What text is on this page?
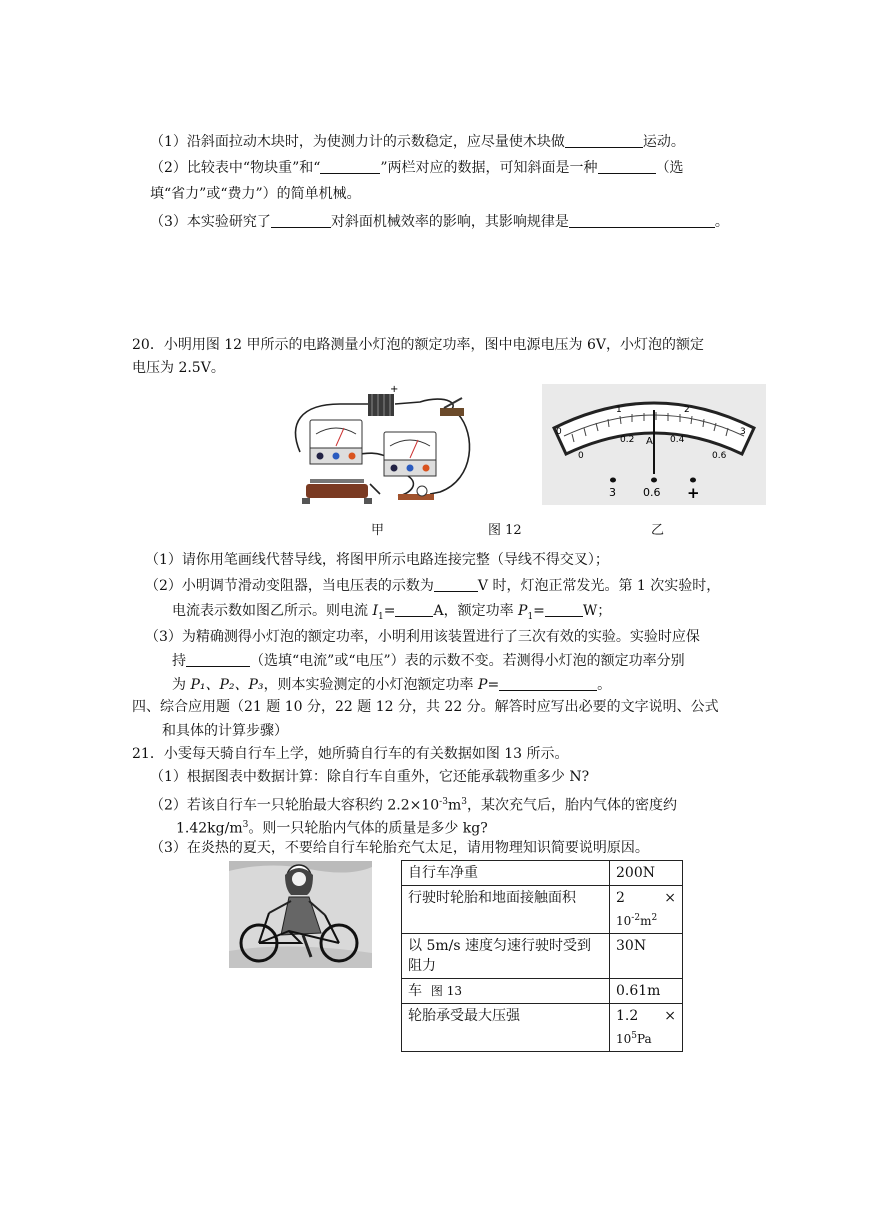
（1）沿斜面拉动木块时，为使测力计的示数稳定，应尽量使木块做	运动。
（2）比较表中“物块重”和“	”两栏对应的数据，可知斜面是一种	（选
填“省力”或“费力”）的简单机械。
（3）本实验研究了	对斜面机械效率的影响，其影响规律是	。
20．小明用图 12 甲所示的电路测量小灯泡的额定功率，图中电源电压为 6V，小灯泡的额定
电压为 2.5V。
+
0
1	2
3
0
0.2	0.4
0.6
A
3 0.6 +
甲	图 12	乙
（1）请你用笔画线代替导线，将图甲所示电路连接完整（导线不得交叉）；
（2）小明调节滑动变阻器，当电压表的示数为	V 时，灯泡正常发光。第 1 次实验时，
电流表示数如图乙所示。则电流 $I_1=$	A，额定功率 $P_1=$	W；
（3）为精确测得小灯泡的额定功率，小明利用该装置进行了三次有效的实验。实验时应保
持	（选填“电流”或“电压”）表的示数不变。若测得小灯泡的额定功率分别
为 P₁、P₂、P₃，则本实验测定的小灯泡额定功率 P=	。
四、综合应用题（21 题 10 分，22 题 12 分，共 22 分。解答时应写出必要的文字说明、公式
和具体的计算步骤）
21．小雯每天骑自行车上学，她所骑自行车的有关数据如图 13 所示。
（1）根据图表中数据计算：除自行车自重外，它还能承载物重多少 N?
（2）若该自行车一只轮胎最大容积约 $2.2\times 10^{-3}m^3$，某次充气后，胎内气体的密度约
$1.42kg/m^3$。则一只轮胎内气体的质量是多少 kg?
（3）在炎热的夏天，不要给自行车轮胎充气太足，请用物理知识简要说明原因。
自行车净重	200N
行驶时轮胎和地面接触面积	2 ×
$10^{-2}m^2$

以 5m/s 速度匀速行驶时受到阻力	30N
车 图 13	0.61m
轮胎承受最大压强	1.2 ×
$10^5Pa$
